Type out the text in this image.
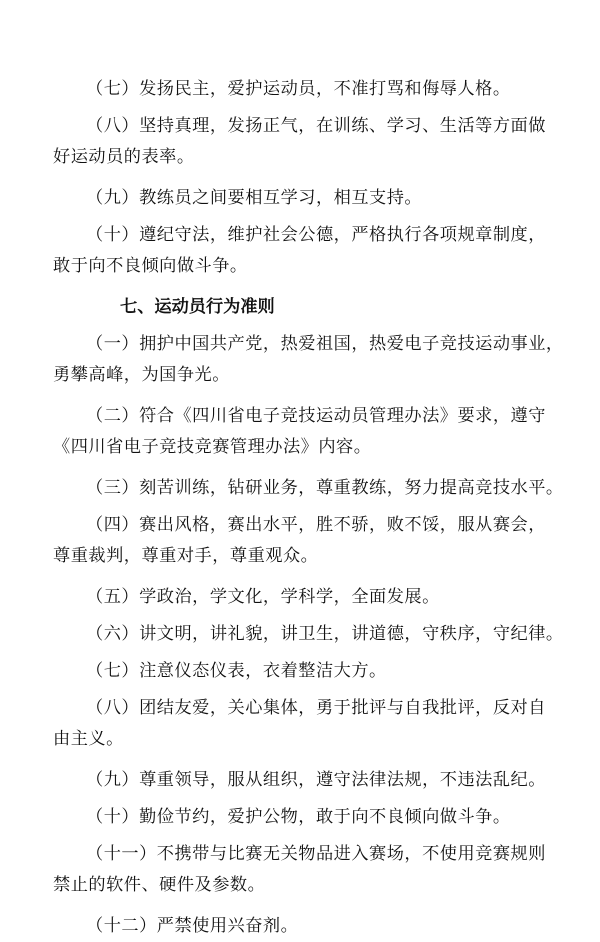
（七）发扬民主，爱护运动员，不准打骂和侮辱人格。

（八）坚持真理，发扬正气，在训练、学习、生活等方面做
好运动员的表率。

（九）教练员之间要相互学习，相互支持。

（十）遵纪守法，维护社会公德，严格执行各项规章制度，
敢于向不良倾向做斗争。

七、运动员行为准则

（一）拥护中国共产党，热爱祖国，热爱电子竞技运动事业，
勇攀高峰，为国争光。

（二）符合《四川省电子竞技运动员管理办法》要求，遵守
《四川省电子竞技竞赛管理办法》内容。

（三）刻苦训练，钻研业务，尊重教练，努力提高竞技水平。

（四）赛出风格，赛出水平，胜不骄，败不馁，服从赛会，
尊重裁判，尊重对手，尊重观众。

（五）学政治，学文化，学科学，全面发展。

（六）讲文明，讲礼貌，讲卫生，讲道德，守秩序，守纪律。

（七）注意仪态仪表，衣着整洁大方。

（八）团结友爱，关心集体，勇于批评与自我批评，反对自
由主义。

（九）尊重领导，服从组织，遵守法律法规，不违法乱纪。

（十）勤俭节约，爱护公物，敢于向不良倾向做斗争。

（十一）不携带与比赛无关物品进入赛场，不使用竞赛规则
禁止的软件、硬件及参数。

（十二）严禁使用兴奋剂。
